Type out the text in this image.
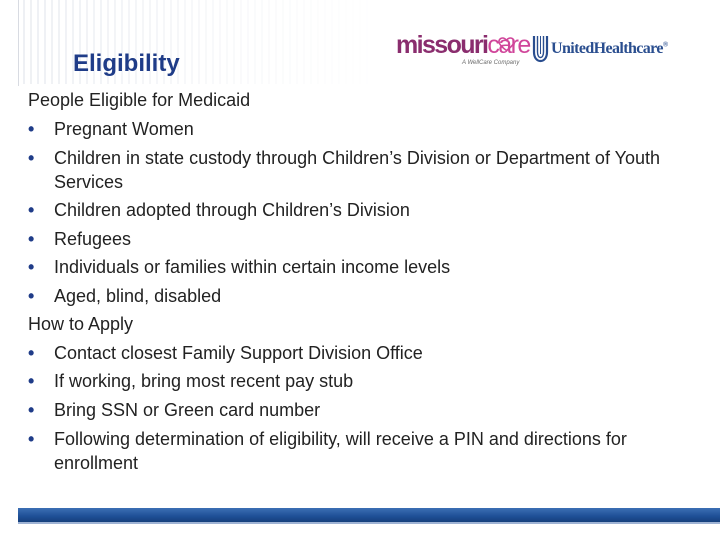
Eligibility
missouricare
A WellCare Company
UnitedHealthcare®

People Eligible for Medicaid

• Pregnant Women
• Children in state custody through Children’s Division or Department of Youth Services
• Children adopted through Children’s Division
• Refugees
• Individuals or families within certain income levels
• Aged, blind, disabled

How to Apply

• Contact closest Family Support Division Office
• If working, bring most recent pay stub
• Bring SSN or Green card number
• Following determination of eligibility, will receive a PIN and directions for enrollment
